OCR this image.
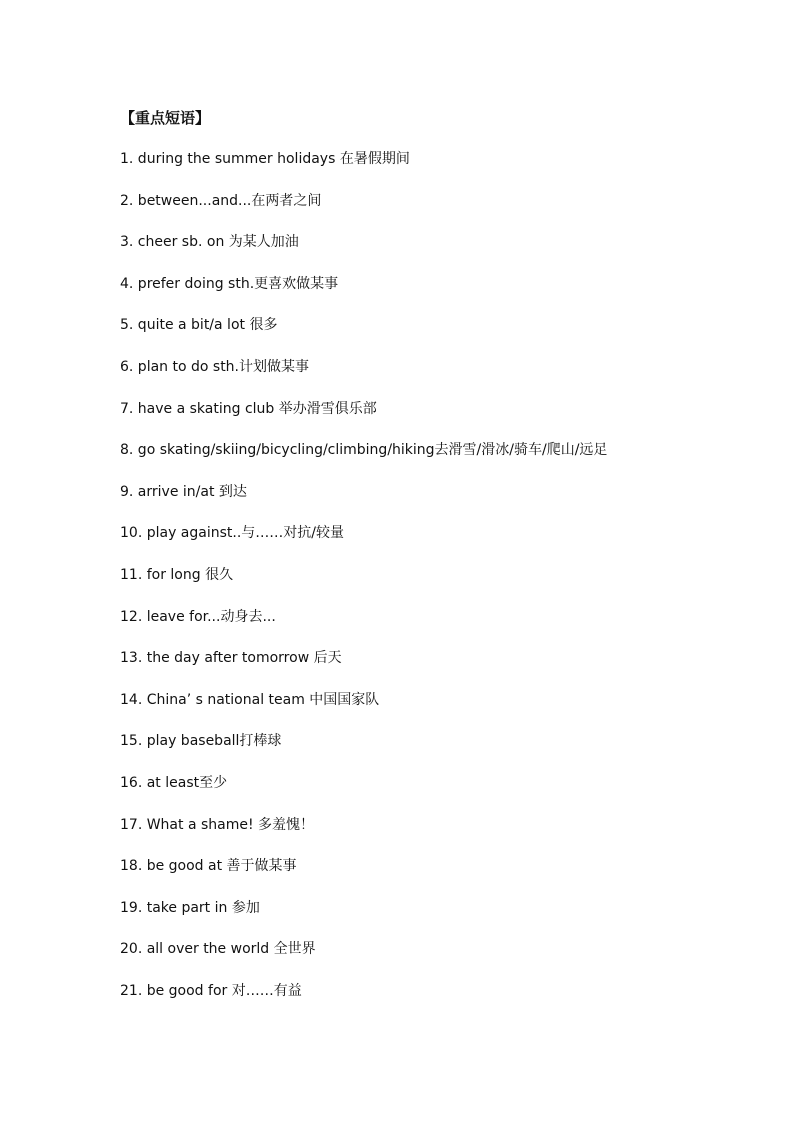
【重点短语】
1. during the summer holidays 在暑假期间
2. between...and...在两者之间
3. cheer sb. on 为某人加油
4. prefer doing sth.更喜欢做某事
5. quite a bit/a lot 很多
6. plan to do sth.计划做某事
7. have a skating club 举办滑雪俱乐部
8. go skating/skiing/bicycling/climbing/hiking去滑雪/滑冰/骑车/爬山/远足
9. arrive in/at 到达
10. play against..与……对抗/较量
11. for long 很久
12. leave for...动身去...
13. the day after tomorrow 后天
14. China’ s national team 中国国家队
15. play baseball打棒球
16. at least至少
17. What a shame! 多羞愧！
18. be good at 善于做某事
19. take part in 参加
20. all over the world 全世界
21. be good for 对……有益
